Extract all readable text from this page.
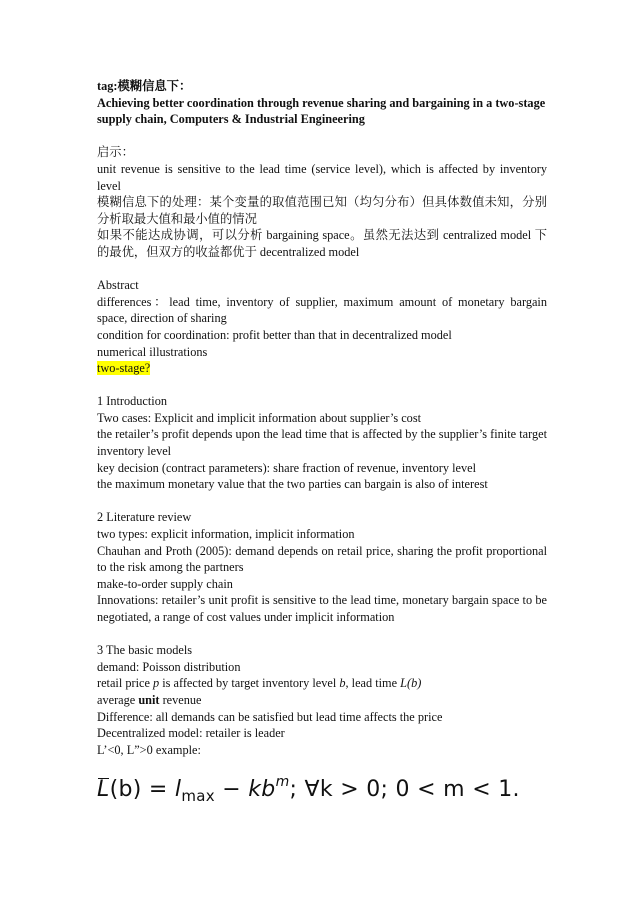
tag:模糊信息下：

Achieving better coordination through revenue sharing and bargaining in a two-stage supply chain, Computers & Industrial Engineering

启示：

unit revenue is sensitive to the lead time (service level), which is affected by inventory level

模糊信息下的处理：某个变量的取值范围已知（均匀分布）但具体数值未知，分别分析取最大值和最小值的情况

如果不能达成协调，可以分析 bargaining space。虽然无法达到 centralized model 下的最优，但双方的收益都优于 decentralized model

Abstract

differences：lead time, inventory of supplier, maximum amount of monetary bargain space, direction of sharing

condition for coordination: profit better than that in decentralized model

numerical illustrations

two-stage?

1 Introduction

Two cases: Explicit and implicit information about supplier’s cost

the retailer’s profit depends upon the lead time that is affected by the supplier’s finite target inventory level

key decision (contract parameters): share fraction of revenue, inventory level

the maximum monetary value that the two parties can bargain is also of interest

2 Literature review

two types: explicit information, implicit information

Chauhan and Proth (2005): demand depends on retail price, sharing the profit proportional to the risk among the partners

make-to-order supply chain

Innovations: retailer’s unit profit is sensitive to the lead time, monetary bargain space to be negotiated, a range of cost values under implicit information

3 The basic models

demand: Poisson distribution

retail price p is affected by target inventory level b, lead time L(b)

average unit revenue

Difference: all demands can be satisfied but lead time affects the price

Decentralized model: retailer is leader

L’<0, L”>0 example:

$L(b) = l_{max} - kb^m$; ∀k > 0; 0 < m < 1.
